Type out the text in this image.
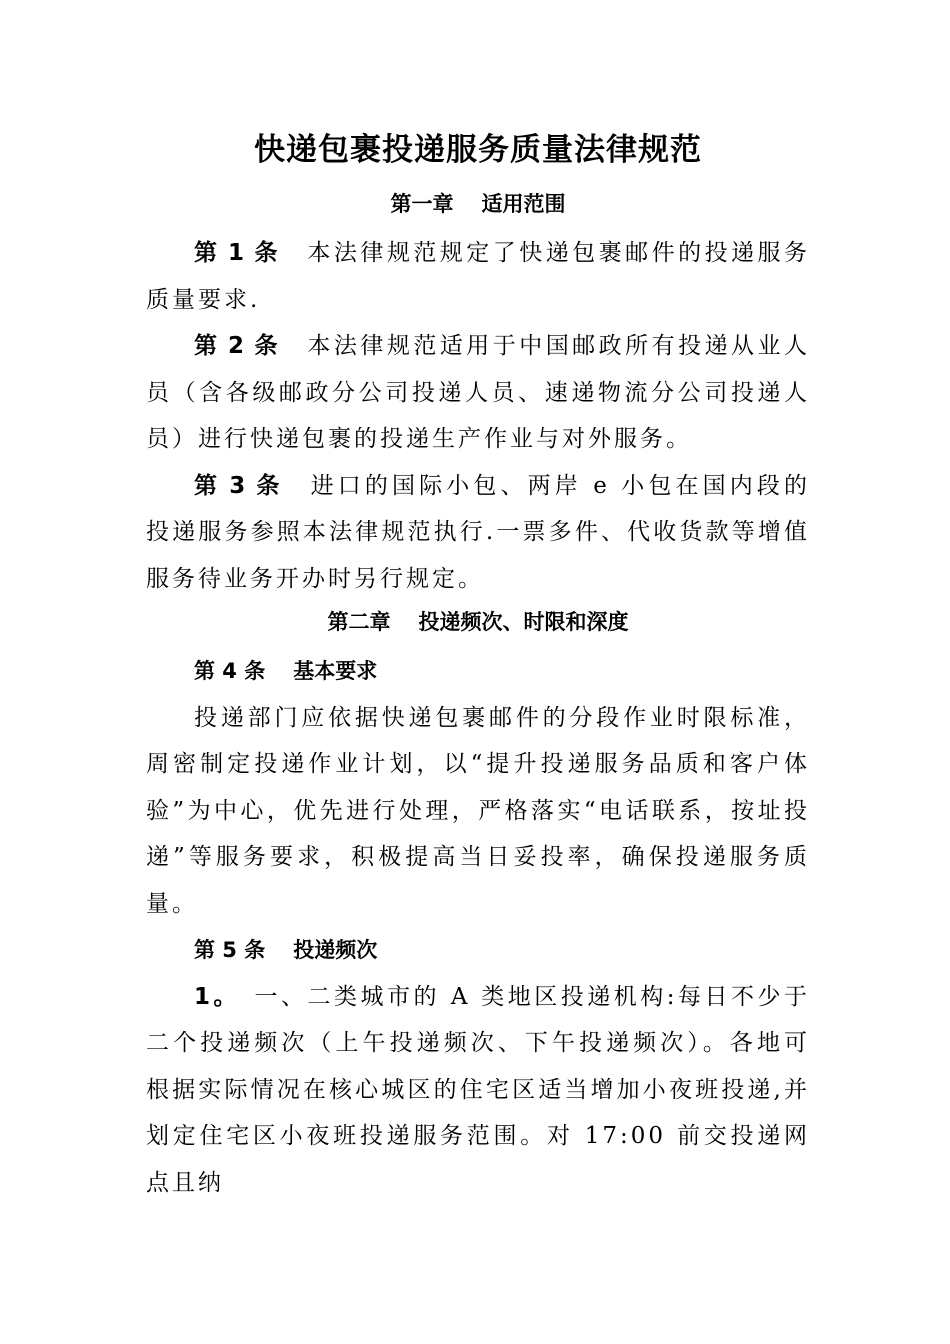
快递包裹投递服务质量法律规范
第一章 适用范围

第 1 条 本法律规范规定了快递包裹邮件的投递服务质量要求.

第 2 条 本法律规范适用于中国邮政所有投递从业人员（含各级邮政分公司投递人员、速递物流分公司投递人员）进行快递包裹的投递生产作业与对外服务。

第 3 条 进口的国际小包、两岸 e 小包在国内段的投递服务参照本法律规范执行.一票多件、代收货款等增值服务待业务开办时另行规定。

第二章 投递频次、时限和深度

第 4 条 基本要求

投递部门应依据快递包裹邮件的分段作业时限标准，周密制定投递作业计划，以“提升投递服务品质和客户体验”为中心，优先进行处理，严格落实“电话联系，按址投递”等服务要求，积极提高当日妥投率，确保投递服务质量。

第 5 条 投递频次

1。 一、二类城市的 A 类地区投递机构:每日不少于二个投递频次（上午投递频次、下午投递频次）。各地可根据实际情况在核心城区的住宅区适当增加小夜班投递,并划定住宅区小夜班投递服务范围。对 17:00 前交投递网点且纳
